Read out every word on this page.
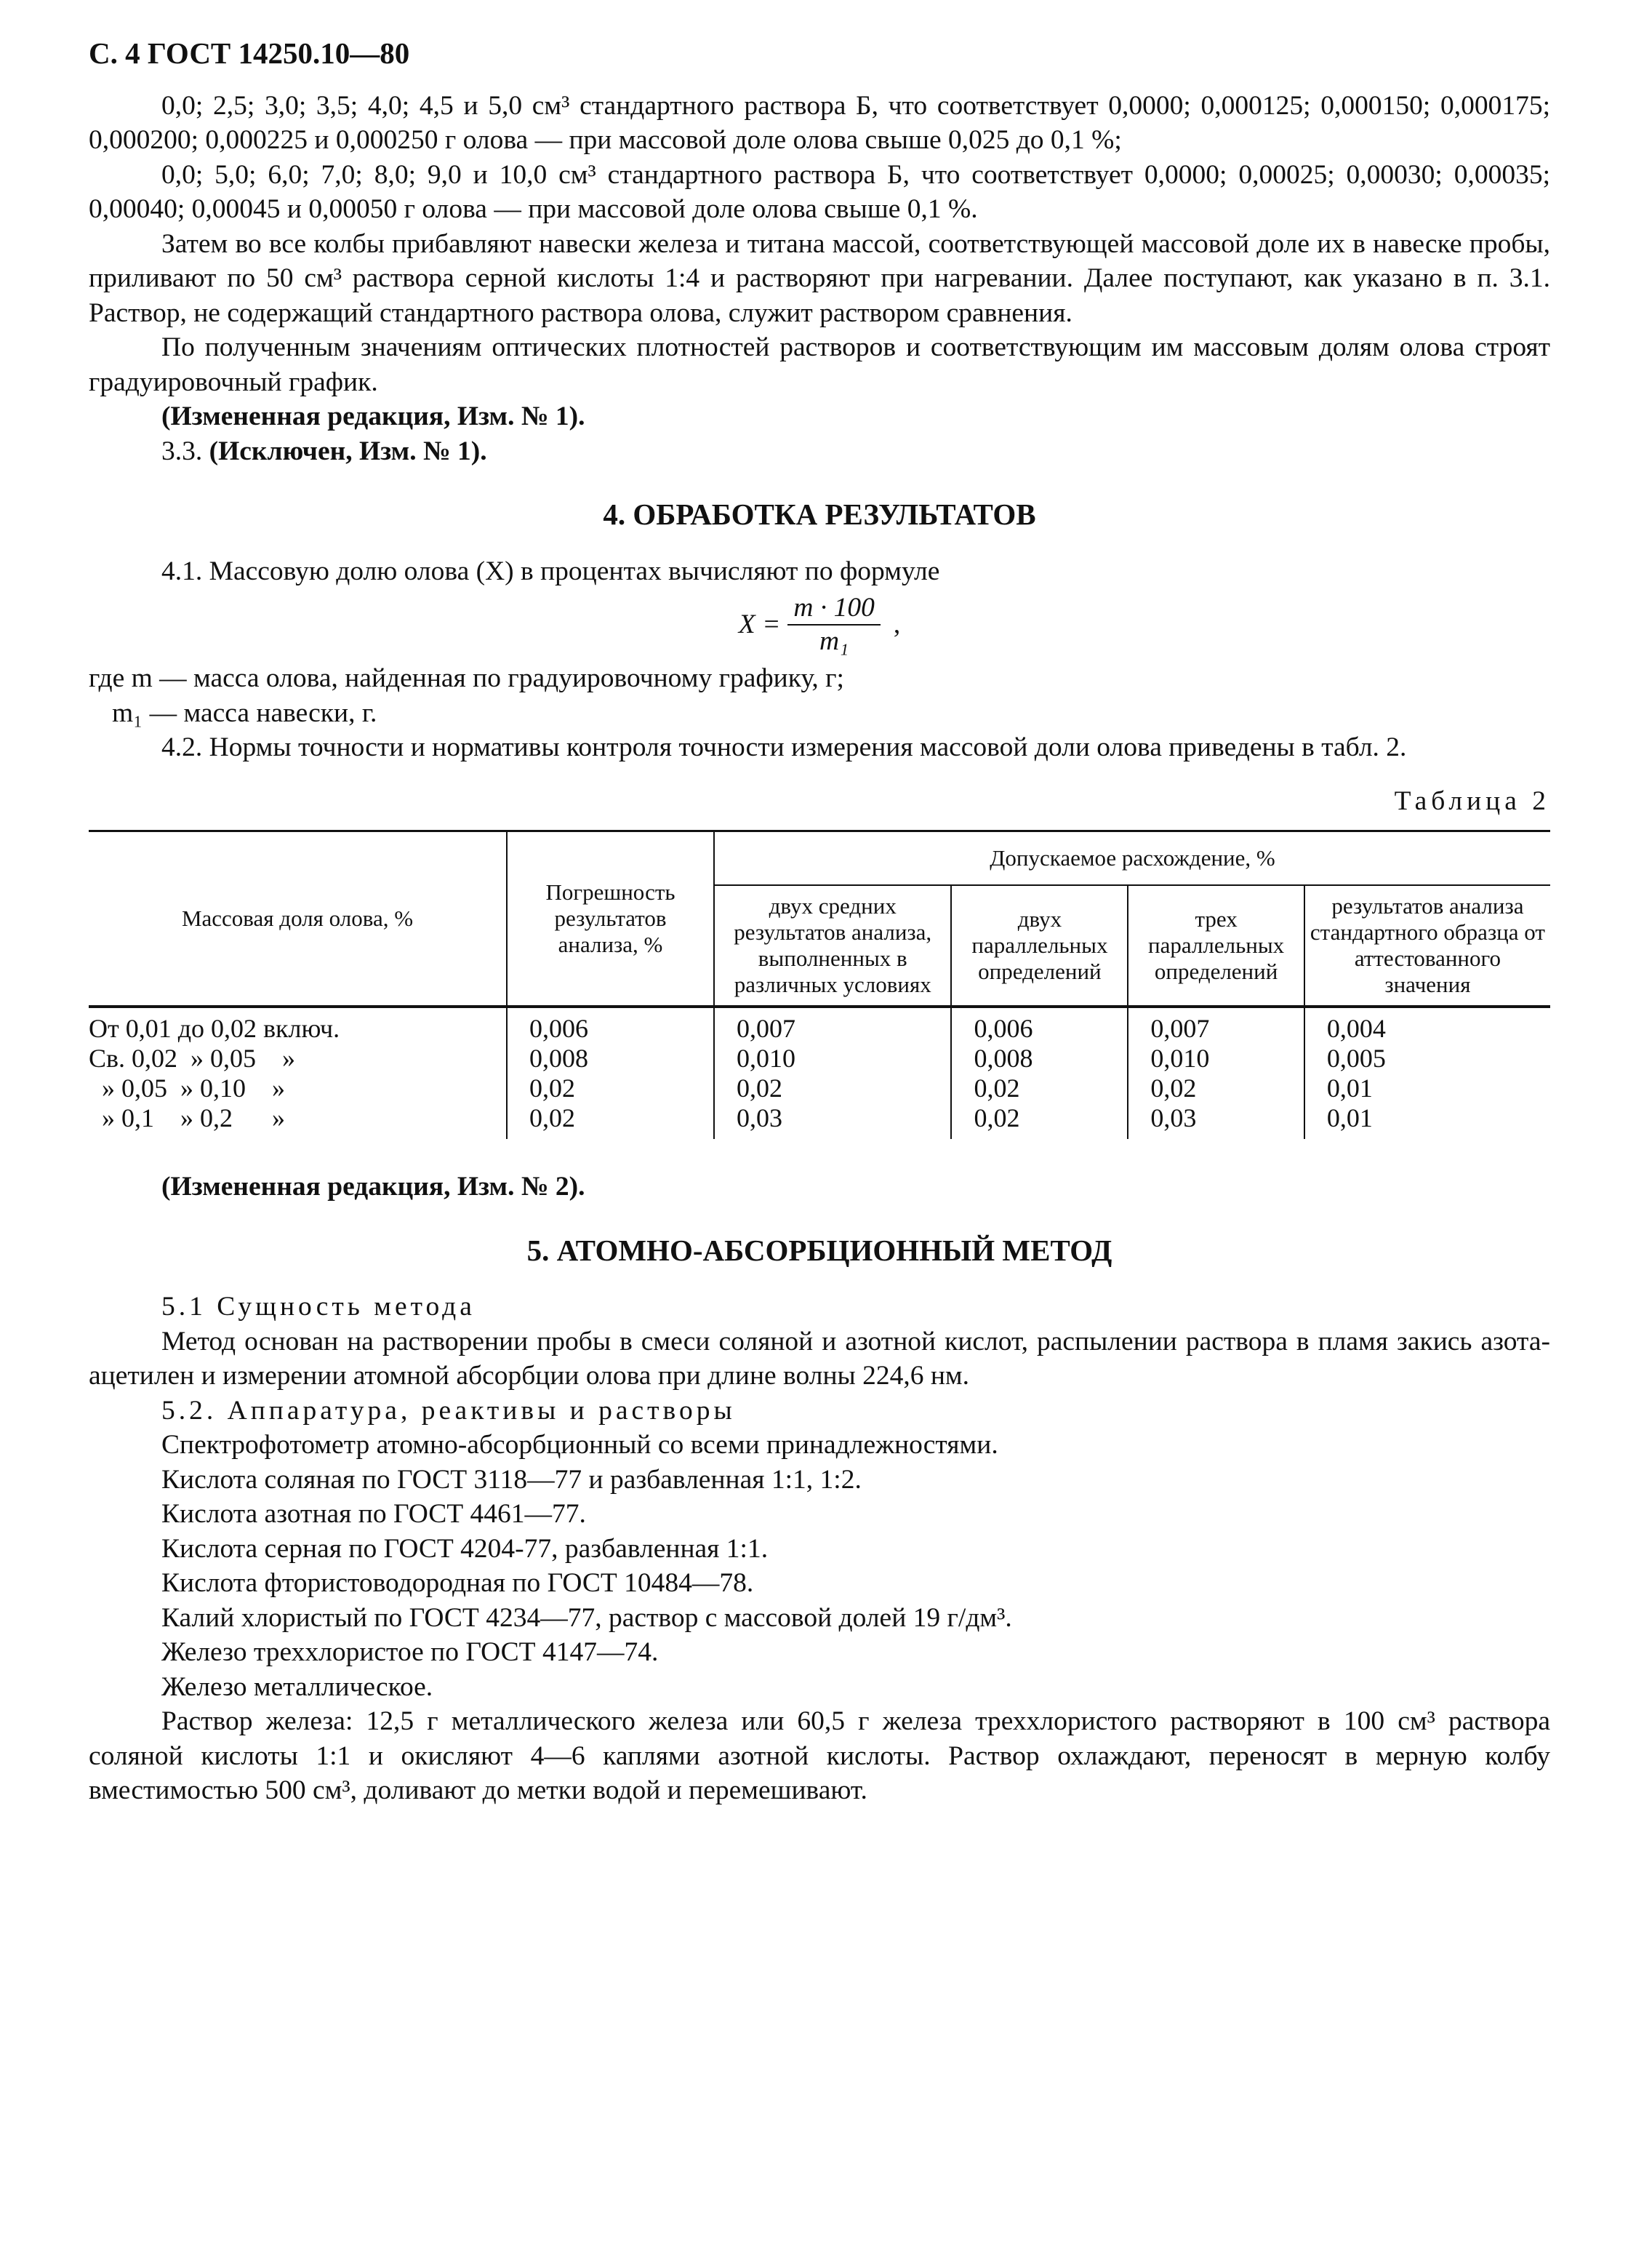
С. 4 ГОСТ 14250.10—80

0,0; 2,5; 3,0; 3,5; 4,0; 4,5 и 5,0 см³ стандартного раствора Б, что соответствует 0,0000; 0,000125; 0,000150; 0,000175; 0,000200; 0,000225 и 0,000250 г олова — при массовой доле олова свыше 0,025 до 0,1 %;

0,0; 5,0; 6,0; 7,0; 8,0; 9,0 и 10,0 см³ стандартного раствора Б, что соответствует 0,0000; 0,00025; 0,00030; 0,00035; 0,00040; 0,00045 и 0,00050 г олова — при массовой доле олова свыше 0,1 %.

Затем во все колбы прибавляют навески железа и титана массой, соответствующей массовой доле их в навеске пробы, приливают по 50 см³ раствора серной кислоты 1:4 и растворяют при нагревании. Далее поступают, как указано в п. 3.1. Раствор, не содержащий стандартного раствора олова, служит раствором сравнения.

По полученным значениям оптических плотностей растворов и соответствующим им массовым долям олова строят градуировочный график.

(Измененная редакция, Изм. № 1).

3.3. (Исключен, Изм. № 1).

4. ОБРАБОТКА РЕЗУЛЬТАТОВ

4.1. Массовую долю олова (X) в процентах вычисляют по формуле

$X = \frac{m \cdot 100}{\text{m₁}}$ ,

где m — масса олова, найденная по градуировочному графику, г;

m₁ — масса навески, г.

4.2. Нормы точности и нормативы контроля точности измерения массовой доли олова приведены в табл. 2.

Таблица 2
Массовая доля олова, %	Погрешность результатов анализа, %	Допускаемое расхождение, %			
		двух средних результатов анализа, выполненных в различных условиях	двух параллельных определений	трех параллельных определений	результатов анализа стандартного образца от аттестованного значения
От 0,01 до 0,02 включ.	0,006	0,007	0,006	0,007	0,004
Св. 0,02 » 0,05 »	0,008	0,010	0,008	0,010	0,005
» 0,05 » 0,10 »	0,02	0,02	0,02	0,02	0,01
» 0,1 » 0,2 »	0,02	0,03	0,02	0,03	0,01

(Измененная редакция, Изм. № 2).

5. АТОМНО-АБСОРБЦИОННЫЙ МЕТОД

5.1 Сущность метода

Метод основан на растворении пробы в смеси соляной и азотной кислот, распылении раствора в пламя закись азота-ацетилен и измерении атомной абсорбции олова при длине волны 224,6 нм.

5.2. Аппаратура, реактивы и растворы

Спектрофотометр атомно-абсорбционный со всеми принадлежностями.

Кислота соляная по ГОСТ 3118—77 и разбавленная 1:1, 1:2.

Кислота азотная по ГОСТ 4461—77.

Кислота серная по ГОСТ 4204-77, разбавленная 1:1.

Кислота фтористоводородная по ГОСТ 10484—78.

Калий хлористый по ГОСТ 4234—77, раствор с массовой долей 19 г/дм³.

Железо треххлористое по ГОСТ 4147—74.

Железо металлическое.

Раствор железа: 12,5 г металлического железа или 60,5 г железа треххлористого растворяют в 100 см³ раствора соляной кислоты 1:1 и окисляют 4—6 каплями азотной кислоты. Раствор охлаждают, переносят в мерную колбу вместимостью 500 см³, доливают до метки водой и перемешивают.
